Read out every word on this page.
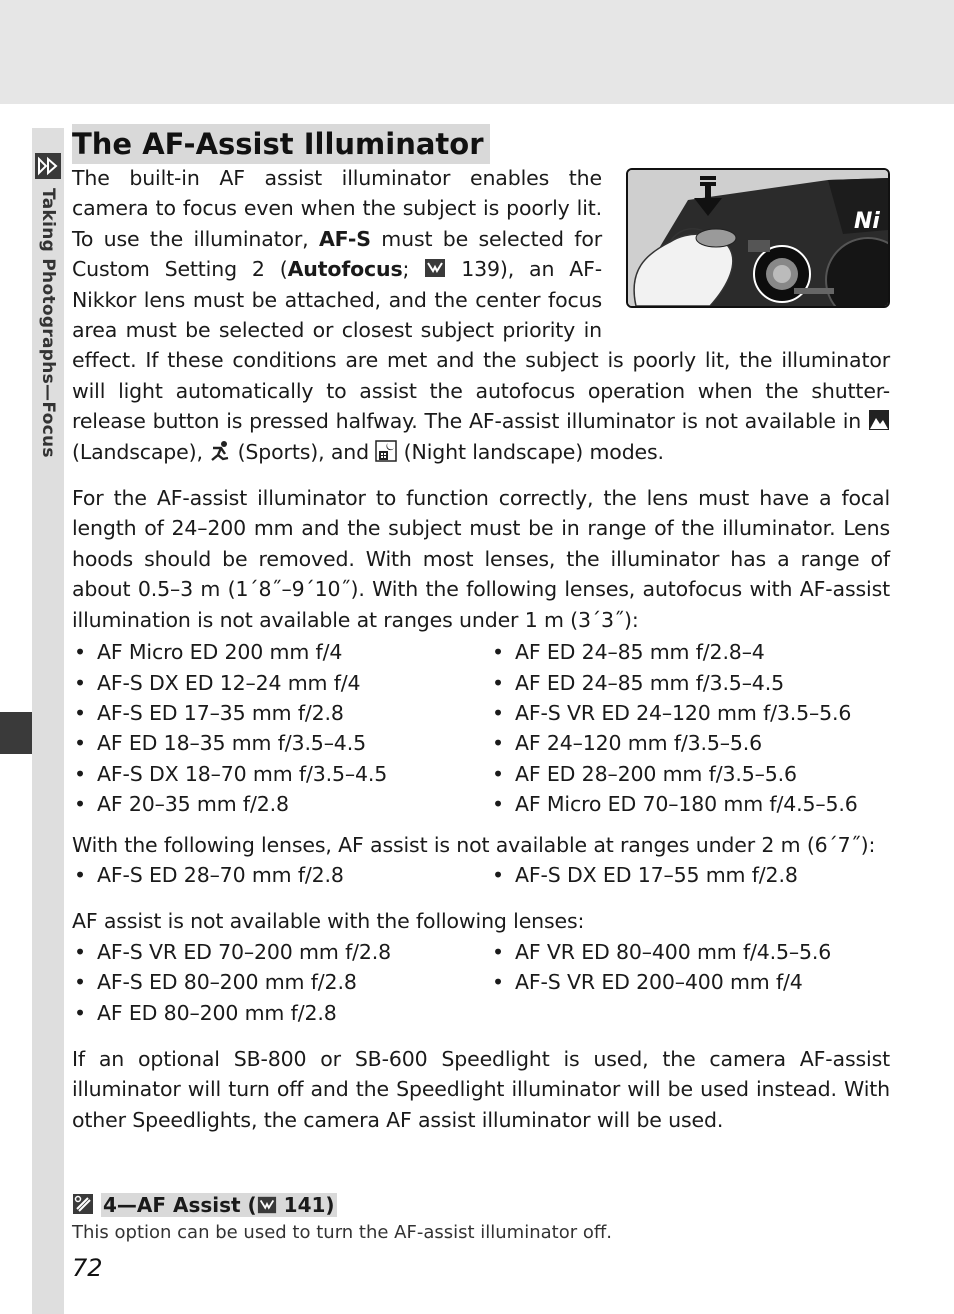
Taking Photographs—Focus
The AF-Assist Illuminator
Ni

The built-in AF assist illuminator enables the camera to focus even when the subject is poorly lit. To use the illuminator, AF-S must be selected for Custom Setting 2 (Autofocus;  139), an AF-Nikkor lens must be attached, and the center focus area must be selected or closest subject priority in effect. If these conditions are met and the subject is poorly lit, the illuminator will light automatically to assist the autofocus operation when the shutter-release button is pressed halfway. The AF-assist illuminator is not available in  (Landscape),  (Sports), and  (Night landscape) modes.

For the AF-assist illuminator to function correctly, the lens must have a focal length of 24–200 mm and the subject must be in range of the illuminator. Lens hoods should be removed. With most lenses, the illuminator has a range of about 0.5–3 m (1´8˝–9´10˝). With the following lenses, autofocus with AF-assist illumination is not available at ranges under 1 m (3´3˝):

• AF Micro ED 200 mm f/4	• AF ED 24–85 mm f/2.8–4
• AF-S DX ED 12–24 mm f/4	• AF ED 24–85 mm f/3.5–4.5
• AF-S ED 17–35 mm f/2.8	• AF-S VR ED 24–120 mm f/3.5–5.6
• AF ED 18–35 mm f/3.5–4.5	• AF 24–120 mm f/3.5–5.6
• AF-S DX 18–70 mm f/3.5–4.5	• AF ED 28–200 mm f/3.5–5.6
• AF 20–35 mm f/2.8	• AF Micro ED 70–180 mm f/4.5–5.6

With the following lenses, AF assist is not available at ranges under 2 m (6´7˝):

• AF-S ED 28–70 mm f/2.8	• AF-S DX ED 17–55 mm f/2.8

AF assist is not available with the following lenses:

• AF-S VR ED 70–200 mm f/2.8	• AF VR ED 80–400 mm f/4.5–5.6
• AF-S ED 80–200 mm f/2.8	• AF-S VR ED 200–400 mm f/4
• AF ED 80–200 mm f/2.8

If an optional SB-800 or SB-600 Speedlight is used, the camera AF-assist illuminator will turn off and the Speedlight illuminator will be used instead. With other Speedlights, the camera AF assist illuminator will be used.

4—AF Assist ( 141)
This option can be used to turn the AF-assist illuminator off.
72
